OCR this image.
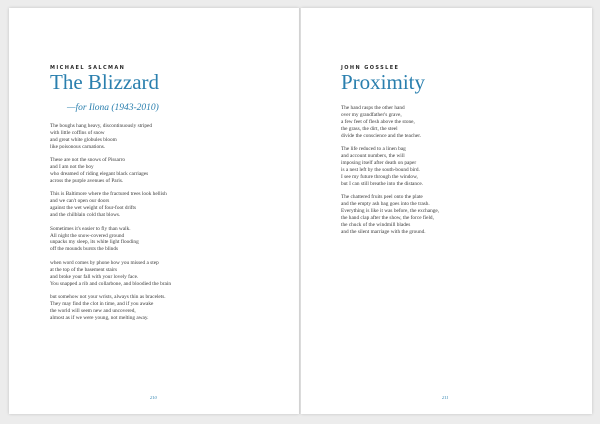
MICHAEL SALCMAN
The Blizzard
—for Ilona (1943-2010)

The boughs hang heavy, discontinuously striped

with little coffins of snow

and great white globules bloom

like poisonous carnations.

These are not the snows of Pissarro

and I am not the boy

who dreamed of riding elegant black carriages

across the purple avenues of Paris.

This is Baltimore where the fractured trees look hellish

and we can't open our doors

against the wet weight of four-foot drifts

and the chilblain cold that blows.

Sometimes it's easier to fly than walk.

All night the snow-covered ground

unpacks my sleep, its white light flooding

off the mounds bursts the blinds

when word comes by phone how you missed a step

at the top of the basement stairs

and broke your fall with your lovely face.

You snapped a rib and collarbone, and bloodied the brain

but somehow not your wrists, always thin as bracelets.

They may find the clot in time, and if you awake

the world will seem new and uncovered,

almost as if we were young, not melting away.

210
JOHN GOSSLEE
Proximity

The hand rasps the other hand

over my grandfather's grave,

a few feet of flesh above the stone,

the grass, the dirt, the steel

divide the conscience and the teacher.

The life reduced to a linen bag

and account numbers, the will

imposing itself after death on paper

is a nest left by the south-bound bird.

I see my future through the window,

but I can still breathe into the distance.

The chattered fruits peel onto the plate

and the empty ash bag goes into the trash.

Everything is like it was before, the exchange,

the hand clap after the show, the force field,

the chuck of the windmill blades

and the silent marriage with the ground.

211
